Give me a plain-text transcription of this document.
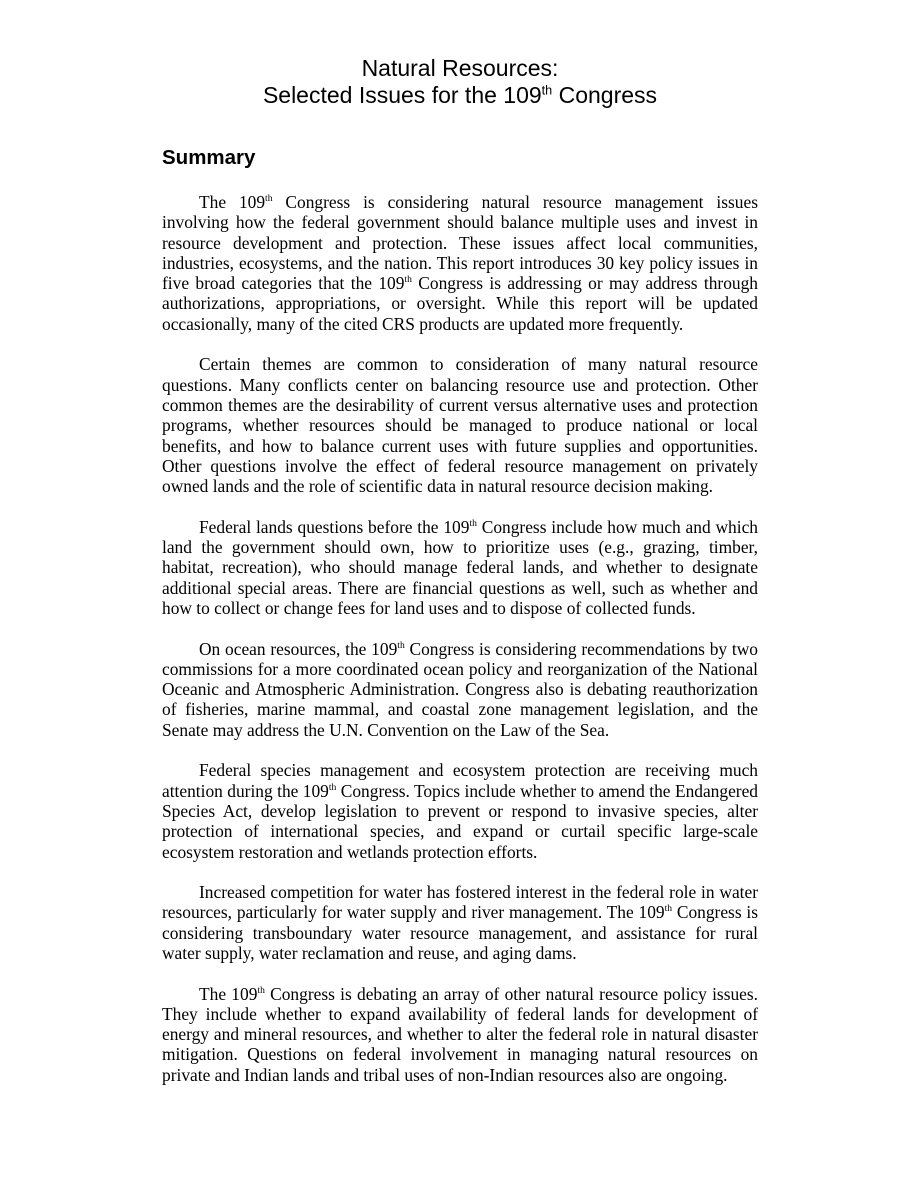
Natural Resources:
Selected Issues for the 109th Congress
Summary

The 109th Congress is considering natural resource management issues involving how the federal government should balance multiple uses and invest in resource development and protection. These issues affect local communities, industries, ecosystems, and the nation. This report introduces 30 key policy issues in five broad categories that the 109th Congress is addressing or may address through authorizations, appropriations, or oversight. While this report will be updated occasionally, many of the cited CRS products are updated more frequently.

Certain themes are common to consideration of many natural resource questions. Many conflicts center on balancing resource use and protection. Other common themes are the desirability of current versus alternative uses and protection programs, whether resources should be managed to produce national or local benefits, and how to balance current uses with future supplies and opportunities. Other questions involve the effect of federal resource management on privately owned lands and the role of scientific data in natural resource decision making.

Federal lands questions before the 109th Congress include how much and which land the government should own, how to prioritize uses (e.g., grazing, timber, habitat, recreation), who should manage federal lands, and whether to designate additional special areas. There are financial questions as well, such as whether and how to collect or change fees for land uses and to dispose of collected funds.

On ocean resources, the 109th Congress is considering recommendations by two commissions for a more coordinated ocean policy and reorganization of the National Oceanic and Atmospheric Administration. Congress also is debating reauthorization of fisheries, marine mammal, and coastal zone management legislation, and the Senate may address the U.N. Convention on the Law of the Sea.

Federal species management and ecosystem protection are receiving much attention during the 109th Congress. Topics include whether to amend the Endangered Species Act, develop legislation to prevent or respond to invasive species, alter protection of international species, and expand or curtail specific large-scale ecosystem restoration and wetlands protection efforts.

Increased competition for water has fostered interest in the federal role in water resources, particularly for water supply and river management. The 109th Congress is considering transboundary water resource management, and assistance for rural water supply, water reclamation and reuse, and aging dams.

The 109th Congress is debating an array of other natural resource policy issues. They include whether to expand availability of federal lands for development of energy and mineral resources, and whether to alter the federal role in natural disaster mitigation. Questions on federal involvement in managing natural resources on private and Indian lands and tribal uses of non-Indian resources also are ongoing.
